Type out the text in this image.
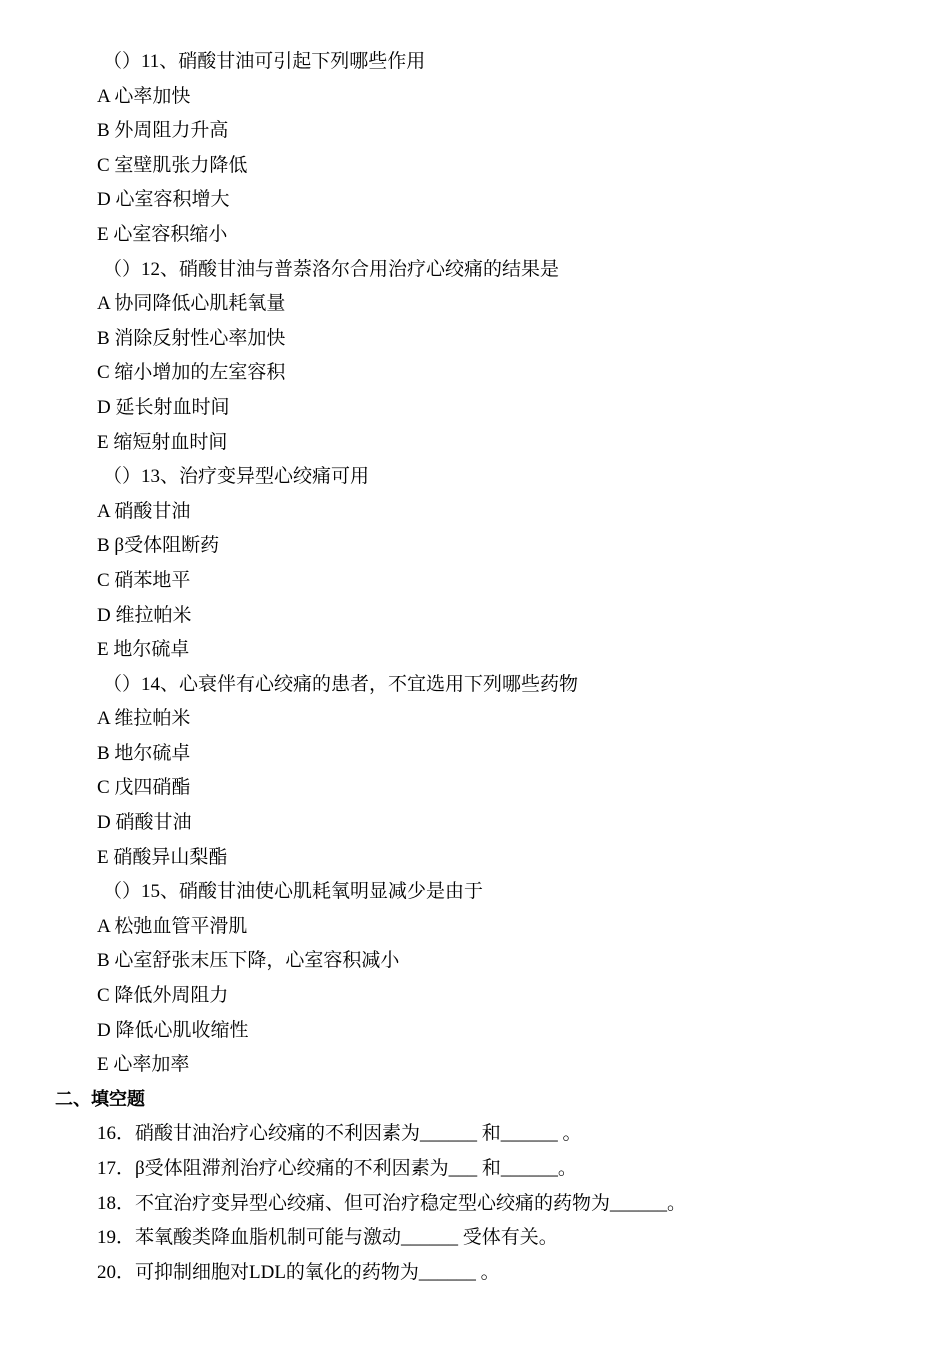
（）11、硝酸甘油可引起下列哪些作用
A 心率加快
B 外周阻力升高
C 室壁肌张力降低
D 心室容积增大
E 心室容积缩小
（）12、硝酸甘油与普萘洛尔合用治疗心绞痛的结果是
A 协同降低心肌耗氧量
B 消除反射性心率加快
C 缩小增加的左室容积
D 延长射血时间
E 缩短射血时间
（）13、治疗变异型心绞痛可用
A 硝酸甘油
B β受体阻断药
C 硝苯地平
D 维拉帕米
E 地尔硫卓
（）14、心衰伴有心绞痛的患者，不宜选用下列哪些药物
A 维拉帕米
B 地尔硫卓
C 戊四硝酯
D 硝酸甘油
E 硝酸异山梨酯
（）15、硝酸甘油使心肌耗氧明显减少是由于
A 松弛血管平滑肌
B 心室舒张末压下降，心室容积减小
C 降低外周阻力
D 降低心肌收缩性
E 心率加率
二、填空题
16．硝酸甘油治疗心绞痛的不利因素为______ 和______ 。
17．β受体阻滞剂治疗心绞痛的不利因素为___ 和______。
18．不宜治疗变异型心绞痛、但可治疗稳定型心绞痛的药物为______。
19．苯氧酸类降血脂机制可能与激动______ 受体有关。
20．可抑制细胞对LDL的氧化的药物为______ 。
